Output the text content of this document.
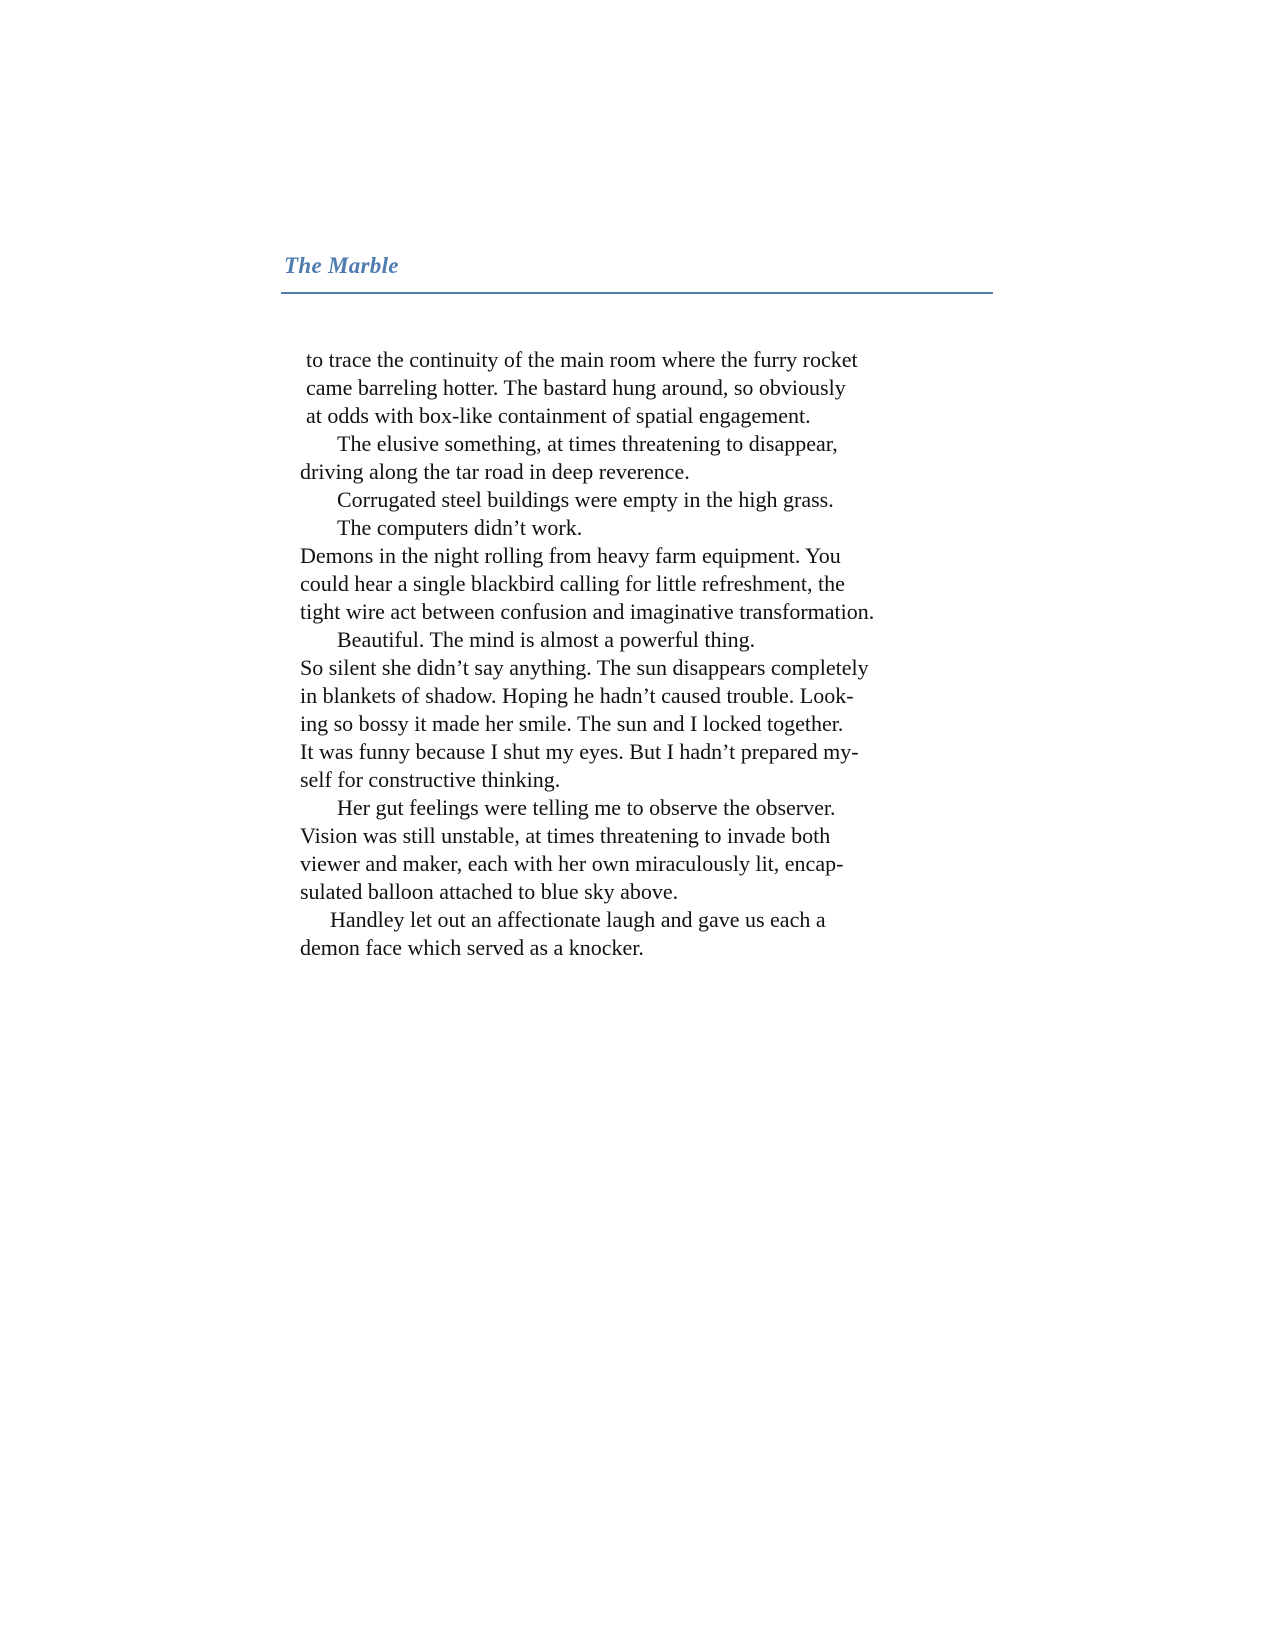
The Marble
to trace the continuity of the main room where the furry rocket
came barreling hotter. The bastard hung around, so obviously
at odds with box-like containment of spatial engagement.
The elusive something, at times threatening to disappear,
driving along the tar road in deep reverence.
Corrugated steel buildings were empty in the high grass.
The computers didn’t work.
Demons in the night rolling from heavy farm equipment. You
could hear a single blackbird calling for little refreshment, the
tight wire act between confusion and imaginative transformation.
Beautiful. The mind is almost a powerful thing.
So silent she didn’t say anything. The sun disappears completely
in blankets of shadow. Hoping he hadn’t caused trouble. Look-
ing so bossy it made her smile. The sun and I locked together.
It was funny because I shut my eyes. But I hadn’t prepared my-
self for constructive thinking.
Her gut feelings were telling me to observe the observer.
Vision was still unstable, at times threatening to invade both
viewer and maker, each with her own miraculously lit, encap-
sulated balloon attached to blue sky above.
Handley let out an affectionate laugh and gave us each a
demon face which served as a knocker.
